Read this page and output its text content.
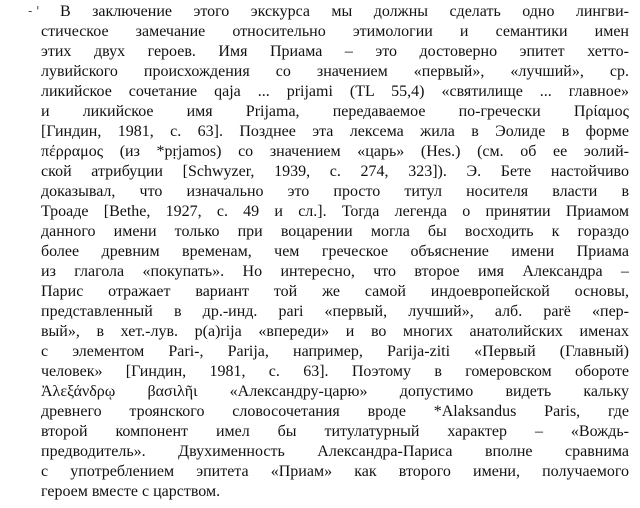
- ' В заключение этого экскурса мы должны сделать одно лингви-
стическое замечание относительно этимологии и семантики имен
этих двух героев. Имя Приама – это достоверно эпитет хетто-
лувийского происхождения со значением «первый», «лучший», ср.
ликийское сочетание qaja ... prijami (TL 55,4) «святилище ... главное»
и ликийское имя Prijama, передаваемое по-гречески Πρίαμος
[Гиндин, 1981, с. 63]. Позднее эта лексема жила в Эолиде в форме
πέρραμος (из *pṛjamos) со значением «царь» (Hes.) (см. об ее эолий-
ской атрибуции [Schwyzer, 1939, с. 274, 323]). Э. Бете настойчиво
доказывал, что изначально это просто титул носителя власти в
Троаде [Bethe, 1927, с. 49 и сл.]. Тогда легенда о принятии Приамом
данного имени только при воцарении могла бы восходить к гораздо
более древним временам, чем греческое объяснение имени Приама
из глагола «покупать». Но интересно, что второе имя Александра –
Парис отражает вариант той же самой индоевропейской основы,
представленный в др.-инд. pari «первый, лучший», алб. parë «пер-
вый», в хет.-лув. p(a)rija «впереди» и во многих анатолийских именах
с элементом Pari-, Parija, например, Parija-ziti «Первый (Главный)
человек» [Гиндин, 1981, с. 63]. Поэтому в гомеровском обороте
Ἀλεξάνδρῳ βασιλῆι «Александру-царю» допустимо видеть кальку
древнего троянского словосочетания вроде *Alaksandus Paris, где
второй компонент имел бы титулатурный характер – «Вождь-
предводитель». Двухименность Александра-Париса вполне сравнима
с употреблением эпитета «Приам» как второго имени, получаемого
героем вместе с царством.
